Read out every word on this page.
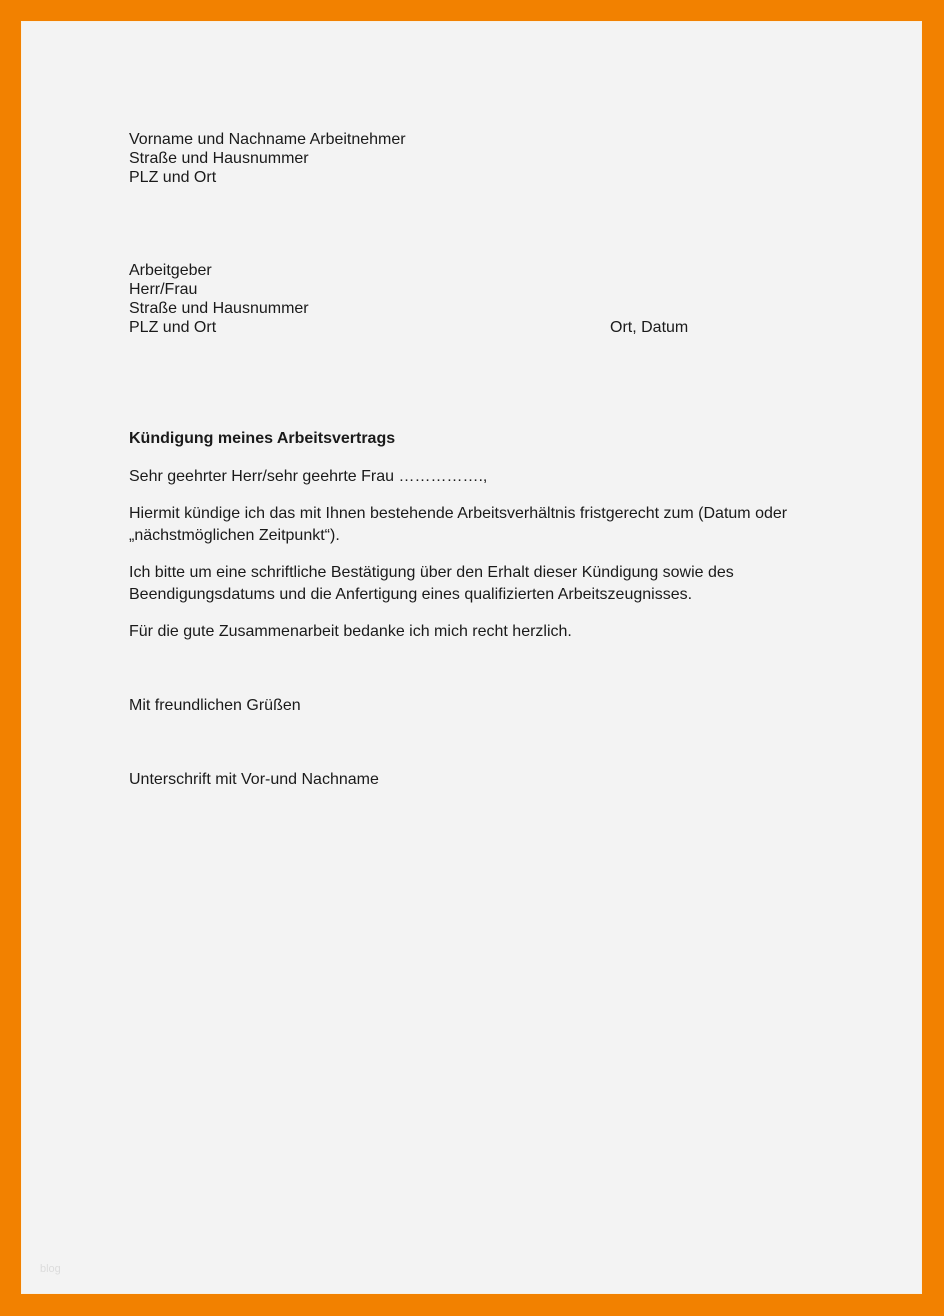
Vorname und Nachname Arbeitnehmer
Straße und Hausnummer
PLZ und Ort
Arbeitgeber
Herr/Frau
Straße und Hausnummer
PLZ und Ort	Ort, Datum
Kündigung meines Arbeitsvertrags
Sehr geehrter Herr/sehr geehrte Frau …………….,
Hiermit kündige ich das mit Ihnen bestehende Arbeitsverhältnis fristgerecht zum (Datum oder
„nächstmöglichen Zeitpunkt“).
Ich bitte um eine schriftliche Bestätigung über den Erhalt dieser Kündigung sowie des
Beendigungsdatums und die Anfertigung eines qualifizierten Arbeitszeugnisses.
Für die gute Zusammenarbeit bedanke ich mich recht herzlich.
Mit freundlichen Grüßen
Unterschrift mit Vor-und Nachname
blog
